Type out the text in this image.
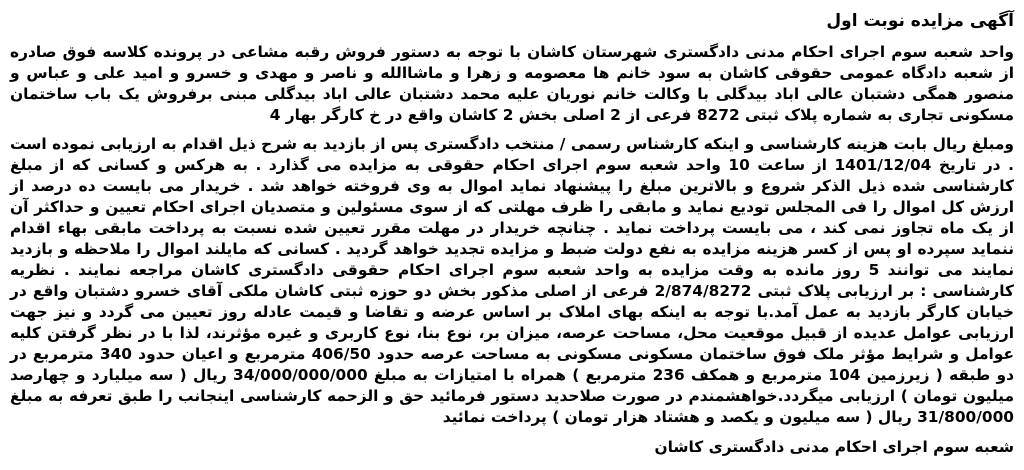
آگهی مزایده نوبت اول

واحد شعبه سوم اجرای احکام مدنی دادگستری شهرستان کاشان با توجه به دستور فروش رقبه مشاعی در پرونده کلاسه فوق صادره از شعبه دادگاه عمومی حقوقی کاشان به سود خانم ها معصومه و زهرا و ماشاالله و ناصر و مهدی و خسرو و امید علی و عباس و منصور همگی دشتبان عالی اباد بیدگلی با وکالت خانم نوریان علیه محمد دشتبان عالی اباد بیدگلی مبنی برفروش یک باب ساختمان مسکونی تجاری به شماره پلاک ثبتی 8272 فرعی از 2 اصلی بخش 2 کاشان واقع در خ کارگر بهار 4

ومبلغ ریال بابت هزینه کارشناسی و اینکه کارشناس رسمی / منتخب دادگستری پس از بازدید به شرح ذیل اقدام به ارزیابی نموده است . در تاریخ 1401/12/04 از ساعت 10 واحد شعبه سوم اجرای احکام حقوقی به مزایده می گذارد . به هرکس و کسانی که از مبلغ کارشناسی شده ذیل الذکر شروع و بالاترین مبلغ را پیشنهاد نماید اموال به وی فروخته خواهد شد . خریدار می بایست ده درصد از ارزش کل اموال را فی المجلس تودیع نماید و مابقی را ظرف مهلتی که از سوی مسئولین و متصدیان اجرای احکام تعیین و حداکثر آن از یک ماه تجاوز نمی کند ، می بایست پرداخت نماید . چنانچه خریدار در مهلت مقرر تعیین شده نسبت به پرداخت مابقی بهاء اقدام ننماید سپرده او پس از کسر هزینه مزایده به نفع دولت ضبط و مزایده تجدید خواهد گردید . کسانی که مایلند اموال را ملاحظه و بازدید نمایند می توانند 5 روز مانده به وقت مزایده به واحد شعبه سوم اجرای احکام حقوقی دادگستری کاشان مراجعه نمایند . نظریه کارشناسی : بر ارزیابی پلاک ثبتی 2/874/8272 فرعی از اصلی مذکور بخش دو حوزه ثبتی کاشان ملکی آقای خسرو دشتبان واقع در خیابان کارگر بازدید به عمل آمد.با توجه به اینکه بهای املاک بر اساس عرضه و تقاضا و قیمت عادله روز تعیین می گردد و نیز جهت ارزیابی عوامل عدیده از قبیل موقعیت محل، مساحت عرصه، میزان بر، نوع بنا، نوع کاربری و غیره مؤثرند، لذا با در نظر گرفتن کلیه عوامل و شرایط مؤثر ملک فوق ساختمان مسکونی مسکونی به مساحت عرصه حدود 406/50 مترمربع و اعیان حدود 340 مترمربع در دو طبقه ( زیرزمین 104 مترمربع و همکف 236 مترمربع ) همراه با امتیازات به مبلغ 34/000/000/000 ریال ( سه میلیارد و چهارصد میلیون تومان ) ارزیابی میگردد.خواهشمندم در صورت صلاحدید دستور فرمائید حق و الزحمه کارشناسی اینجانب را طبق تعرفه به مبلغ 31/800/000 ریال ( سه میلیون و یکصد و هشتاد هزار تومان ) پرداخت نمائید

شعبه سوم اجرای احکام مدنی دادگستری کاشان
